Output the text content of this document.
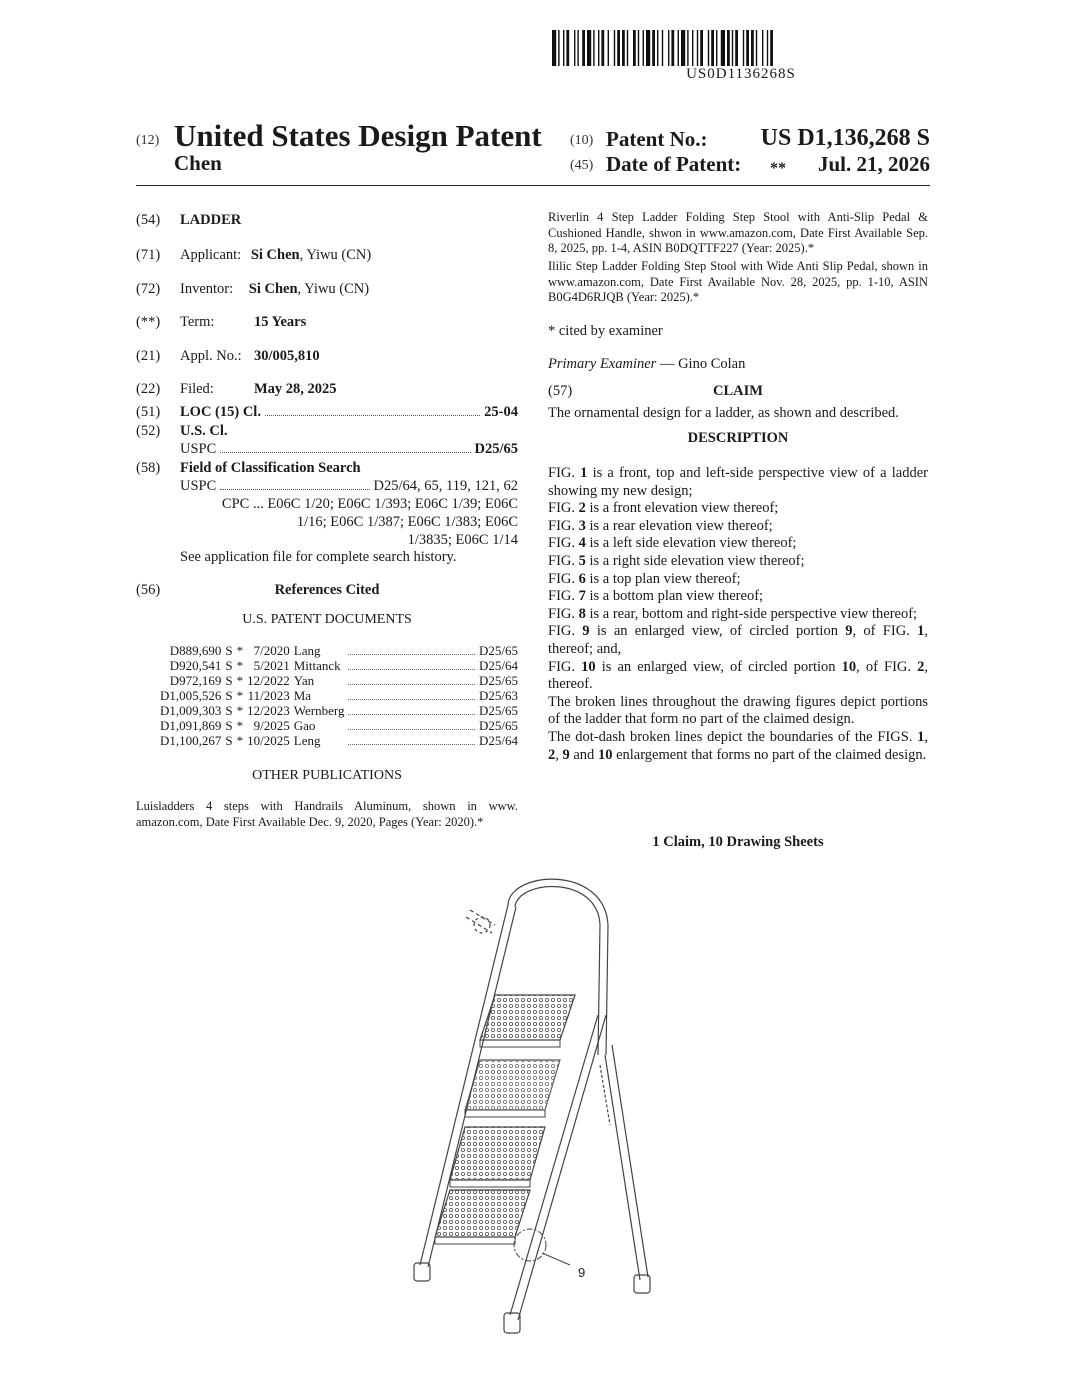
US0D1136268S
(12) United States Design Patent
Chen
(10) Patent No.:	US D1,136,268 S
(45) Date of Patent: **	Jul. 21, 2026
(54) LADDER
(71) Applicant: Si Chen, Yiwu (CN)
(72) Inventor: Si Chen, Yiwu (CN)
(**) Term:	15 Years
(21) Appl. No.: 30/005,810
(22) Filed:	May 28, 2025
(51) LOC (15) Cl.	25-04
(52) U.S. Cl.
USPC	D25/65
(58) Field of Classification Search
USPC	D25/64, 65, 119, 121, 62
CPC ... E06C 1/20; E06C 1/393; E06C 1/39; E06C
1/16; E06C 1/387; E06C 1/383; E06C
1/3835; E06C 1/14
See application file for complete search history.
(56)	References Cited
U.S. PATENT DOCUMENTS
D889,690	S	*	7/2020	Lang		D25/65
D920,541	S	*	5/2021	Mittanck		D25/64
D972,169	S	*	12/2022	Yan		D25/65
D1,005,526	S	*	11/2023	Ma		D25/63
D1,009,303	S	*	12/2023	Wernberg		D25/65
D1,091,869	S	*	9/2025	Gao		D25/65
D1,100,267	S	*	10/2025	Leng		D25/64
OTHER PUBLICATIONS
Luisladders 4 steps with Handrails Aluminum, shown in www. amazon.com, Date First Available Dec. 9, 2020, Pages (Year: 2020).*
Riverlin 4 Step Ladder Folding Step Stool with Anti-Slip Pedal & Cushioned Handle, shwon in www.amazon.com, Date First Available Sep. 8, 2025, pp. 1-4, ASIN B0DQTTF227 (Year: 2025).*
Ililic Step Ladder Folding Step Stool with Wide Anti Slip Pedal, shown in www.amazon.com, Date First Available Nov. 28, 2025, pp. 1-10, ASIN B0G4D6RJQB (Year: 2025).*
* cited by examiner
Primary Examiner — Gino Colan
(57)	CLAIM
The ornamental design for a ladder, as shown and described.
DESCRIPTION
FIG. 1 is a front, top and left-side perspective view of a ladder showing my new design;
FIG. 2 is a front elevation view thereof;
FIG. 3 is a rear elevation view thereof;
FIG. 4 is a left side elevation view thereof;
FIG. 5 is a right side elevation view thereof;
FIG. 6 is a top plan view thereof;
FIG. 7 is a bottom plan view thereof;
FIG. 8 is a rear, bottom and right-side perspective view thereof;
FIG. 9 is an enlarged view, of circled portion 9, of FIG. 1, thereof; and,
FIG. 10 is an enlarged view, of circled portion 10, of FIG. 2, thereof.
The broken lines throughout the drawing figures depict portions of the ladder that form no part of the claimed design.
The dot-dash broken lines depict the boundaries of the FIGS. 1, 2, 9 and 10 enlargement that forms no part of the claimed design.
1 Claim, 10 Drawing Sheets
9
